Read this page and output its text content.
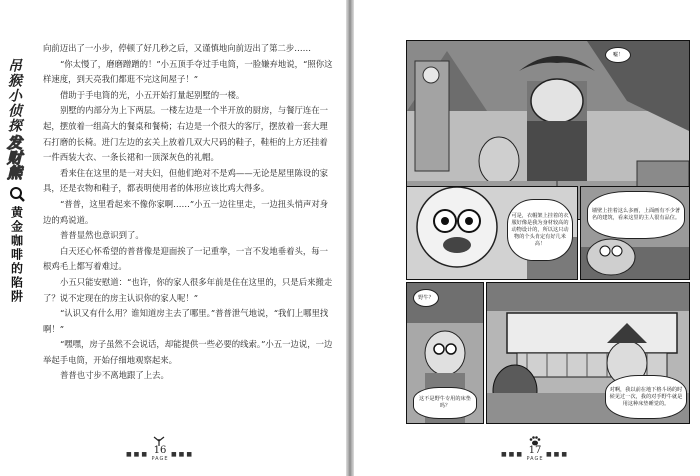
吊猴小侦探
发财熊
黄金咖啡的陷阱

向前迈出了一小步，停顿了好几秒之后，又谨慎地向前迈出了第二步……

“你太慢了，磨磨蹭蹭的！”小五顶手夺过手电筒，一脸嫌弃地说，“照你这样速度，到天亮我们都逛不完这间屋子！”

借助于手电筒的光，小五开始打量起别墅的一楼。

别墅的内部分为上下两层。一楼左边是一个半开放的厨房，与餐厅连在一起，摆放着一组高大的餐桌和餐椅；右边是一个很大的客厅，摆放着一套大理石打磨的长椅。进门左边的玄关上放着几双大尺码的鞋子，鞋柜的上方还挂着一件西装大衣、一条长裙和一顶深灰色的礼帽。

看来住在这里的是一对夫妇，但他们绝对不是鸡——无论是屋里陈设的家具，还是衣物和鞋子，都表明使用者的体形应该比鸡大得多。

“普普，这里看起来不像你家啊……”小五一边往里走，一边扭头悄声对身边的鸡说道。

普普显然也意识到了。

白天还心怀希望的普普像是迎面挨了一记重拳，一言不发地垂着头，每一根鸡毛上都写着难过。

小五只能安慰道：“也许，你的家人很多年前是住在这里的，只是后来搬走了？说不定现在的房主认识你的家人呢！”

“认识又有什么用？谁知道房主去了哪里。”普普泄气地说，“我们上哪里找啊！”

“嘿嘿，房子虽然不会说话，却能提供一些必要的线索。”小五一边说，一边举起手电筒，开始仔细地观察起来。

普普也寸步不离地跟了上去。

■■■ 16
PAGE
■■■
嘘！
可是，衣帽架上挂着的衣服好像是我为身材较高的动物设计的，所以这只动物的个头肯定有好几米高！
墙壁上挂着这么多画，上面画有不少著名的建筑，看来这里的主人很有品位。
野牛？
这不是野牛专用的床垫吗？
对啊，我以前在地下格斗场的时候见过一次，我的对手野牛就是用这种床垫睡觉的。
■■■ 17
PAGE
■■■
